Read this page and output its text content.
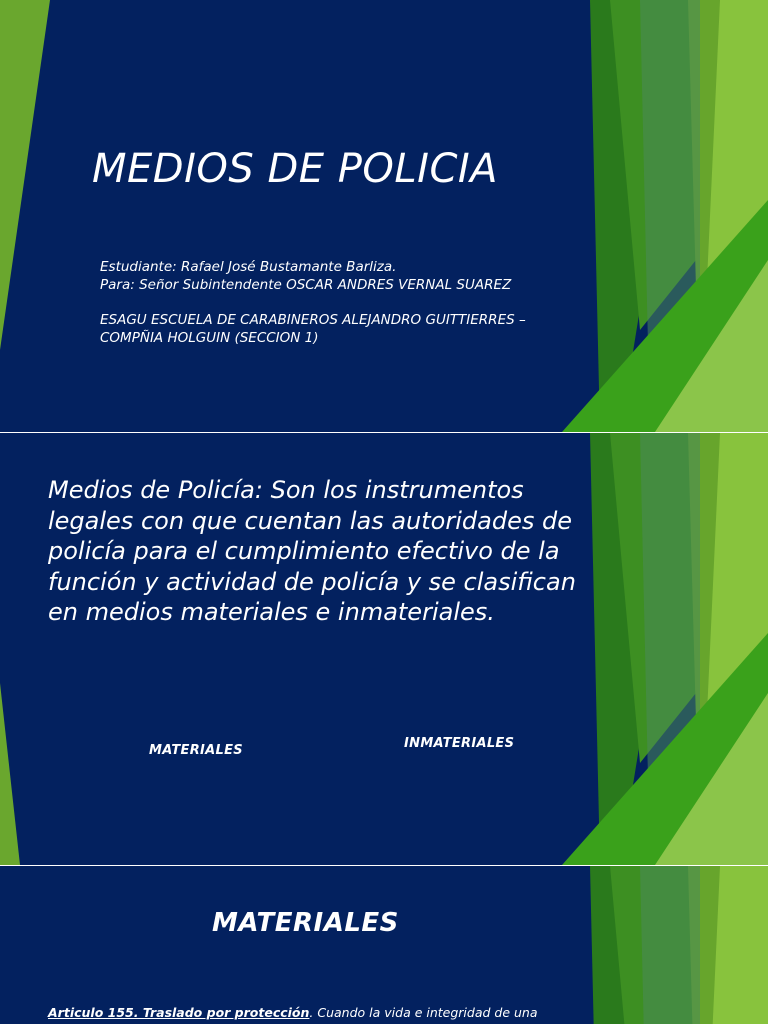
MEDIOS DE POLICIA
Estudiante: Rafael José Bustamante Barliza.
Para: Señor Subintendente OSCAR ANDRES VERNAL SUAREZ
ESAGU ESCUELA DE CARABINEROS ALEJANDRO GUITTIERRES –
COMPÑIA HOLGUIN (SECCION 1)
Medios de Policía: Son los instrumentos legales con que cuentan las autoridades de policía para el cumplimiento efectivo de la función y actividad de policía y se clasifican en medios materiales e inmateriales.
MATERIALES	INMATERIALES
MATERIALES
Articulo 155. Traslado por protección. Cuando la vida e integridad de una
